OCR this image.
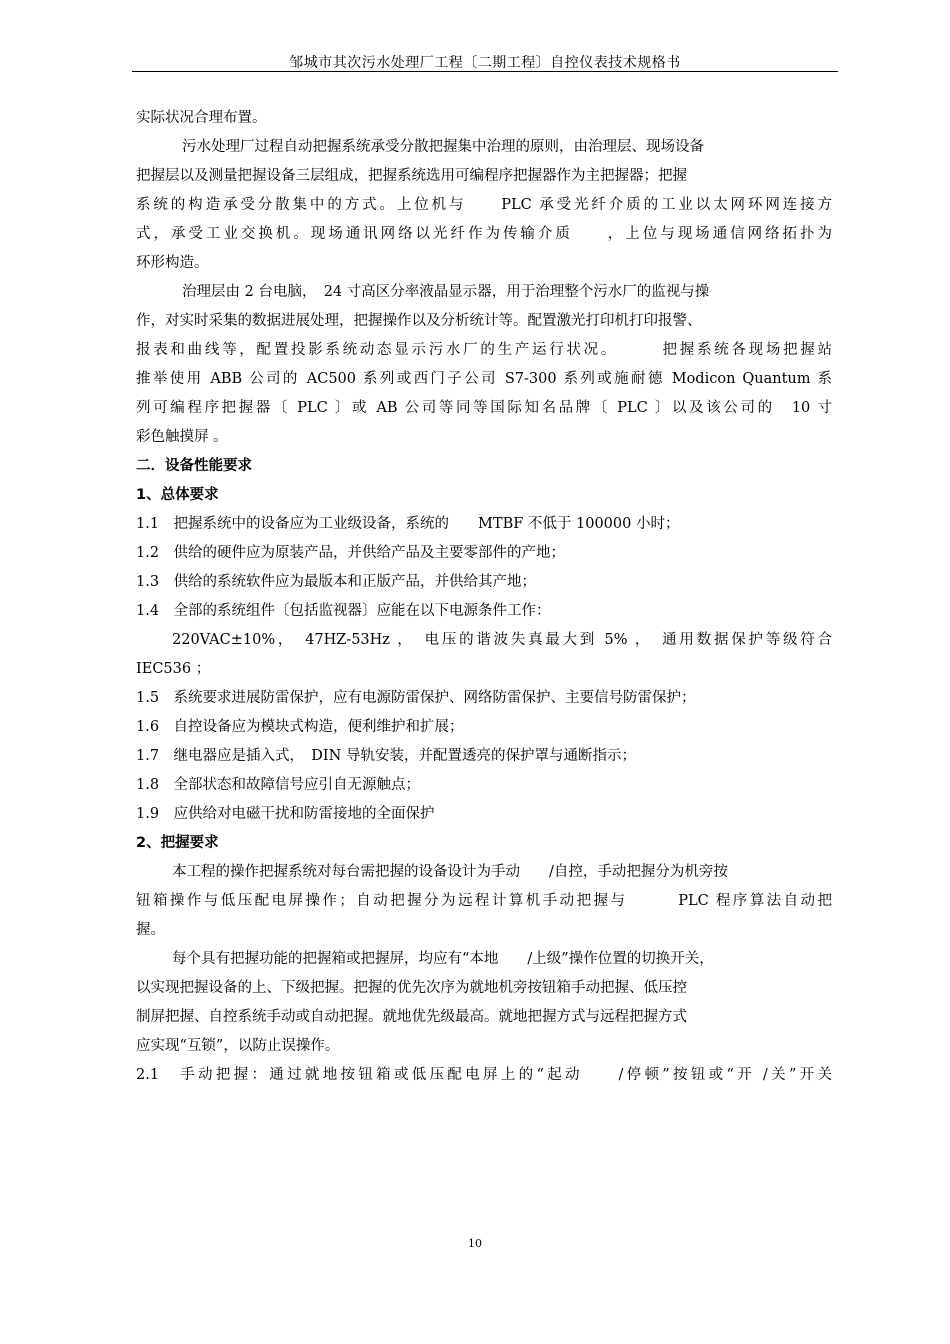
邹城市其次污水处理厂工程〔二期工程〕自控仪表技术规格书
实际状况合理布置。
污水处理厂过程自动把握系统承受分散把握集中治理的原则，由治理层、现场设备
把握层以及测量把握设备三层组成，把握系统选用可编程序把握器作为主把握器；把握
系统的构造承受分散集中的方式。上位机与　　PLC 承受光纤介质的工业以太网环网连接方
式，承受工业交换机。现场通讯网络以光纤作为传输介质　　，上位与现场通信网络拓扑为
环形构造。
治理层由 2 台电脑，　24 寸高区分率液晶显示器，用于治理整个污水厂的监视与操
作，对实时采集的数据进展处理，把握操作以及分析统计等。配置激光打印机打印报警、
报表和曲线等，配置投影系统动态显示污水厂的生产运行状况。　　　把握系统各现场把握站
推举使用 ABB 公司的 AC500 系列或西门子公司 S7-300 系列或施耐德 Modicon Quantum 系
列可编程序把握器〔 PLC 〕或 AB 公司等同等国际知名品牌〔 PLC 〕以及该公司的　10 寸
彩色触摸屏 。
二．设备性能要求
1、总体要求
1.1　把握系统中的设备应为工业级设备，系统的　　MTBF 不低于 100000 小时；
1.2　供给的硬件应为原装产品，并供给产品及主要零部件的产地；
1.3　供给的系统软件应为最版本和正版产品，并供给其产地；
1.4　全部的系统组件〔包括监视器〕应能在以下电源条件工作：
220VAC±10%，　47HZ-53Hz ，　电压的谐波失真最大到 5% ，　通用数据保护等级符合
IEC536 ；
1.5　系统要求进展防雷保护，应有电源防雷保护、网络防雷保护、主要信号防雷保护；
1.6　自控设备应为模块式构造，便利维护和扩展；
1.7　继电器应是插入式，　DIN 导轨安装，并配置透亮的保护罩与通断指示；
1.8　全部状态和故障信号应引自无源触点；
1.9　应供给对电磁干扰和防雷接地的全面保护
2、把握要求
本工程的操作把握系统对每台需把握的设备设计为手动　　/自控，手动把握分为机旁按
钮箱操作与低压配电屏操作；自动把握分为远程计算机手动把握与　　　PLC 程序算法自动把
握。
每个具有把握功能的把握箱或把握屏，均应有“本地　　/上级”操作位置的切换开关，
以实现把握设备的上、下级把握。把握的优先次序为就地机旁按钮箱手动把握、低压控
制屏把握、自控系统手动或自动把握。就地优先级最高。就地把握方式与远程把握方式
应实现“互锁”，以防止误操作。
2.1　手动把握：通过就地按钮箱或低压配电屏上的“起动　　/停顿”按钮或“开 /关”开关
10
